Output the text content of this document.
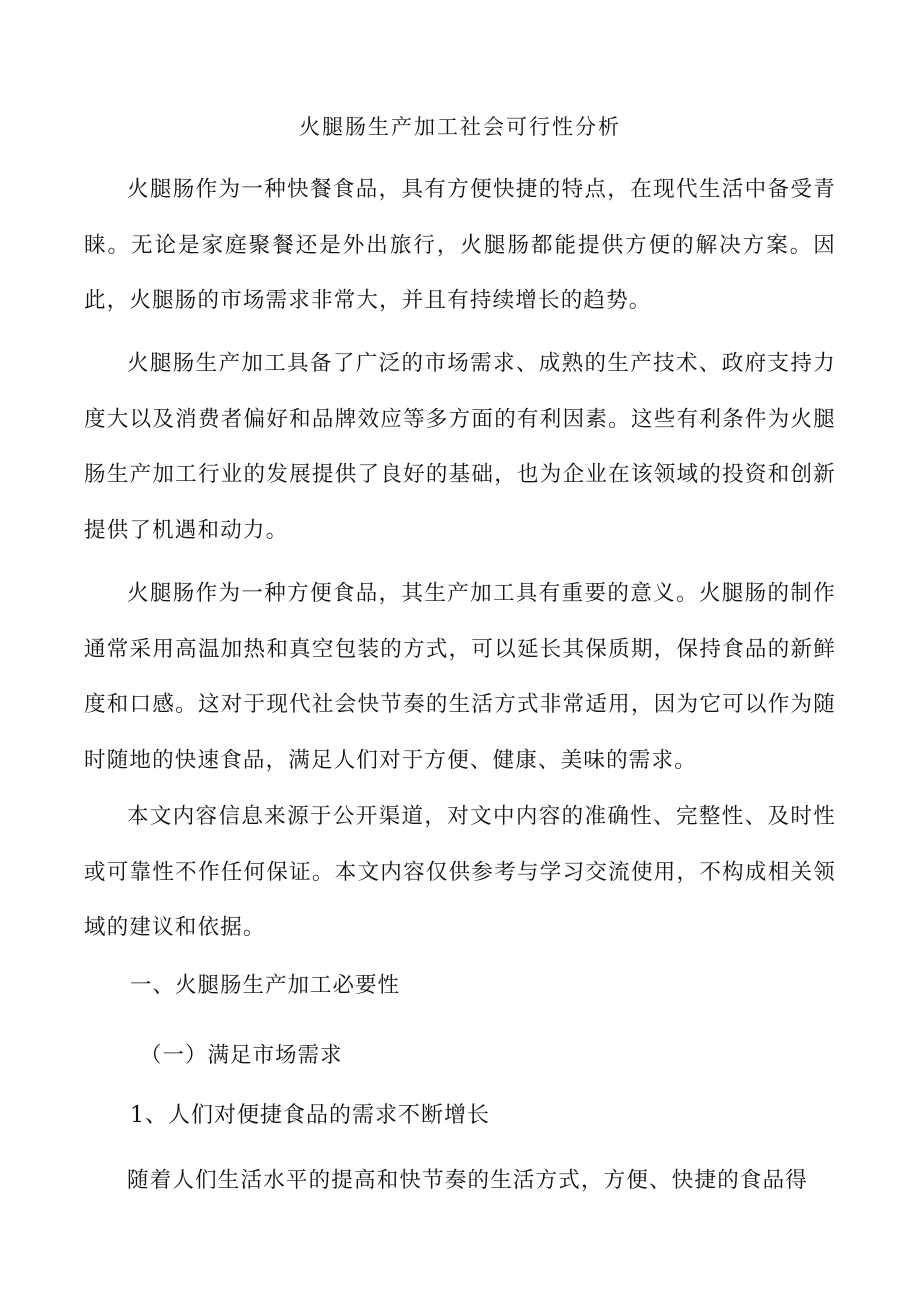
火腿肠生产加工社会可行性分析

火腿肠作为一种快餐食品，具有方便快捷的特点，在现代生活中备受青睐。无论是家庭聚餐还是外出旅行，火腿肠都能提供方便的解决方案。因此，火腿肠的市场需求非常大，并且有持续增长的趋势。

火腿肠生产加工具备了广泛的市场需求、成熟的生产技术、政府支持力度大以及消费者偏好和品牌效应等多方面的有利因素。这些有利条件为火腿肠生产加工行业的发展提供了良好的基础，也为企业在该领域的投资和创新提供了机遇和动力。

火腿肠作为一种方便食品，其生产加工具有重要的意义。火腿肠的制作通常采用高温加热和真空包装的方式，可以延长其保质期，保持食品的新鲜度和口感。这对于现代社会快节奏的生活方式非常适用，因为它可以作为随时随地的快速食品，满足人们对于方便、健康、美味的需求。

本文内容信息来源于公开渠道，对文中内容的准确性、完整性、及时性或可靠性不作任何保证。本文内容仅供参考与学习交流使用，不构成相关领域的建议和依据。

一、火腿肠生产加工必要性
（一）满足市场需求
1、人们对便捷食品的需求不断增长

随着人们生活水平的提高和快节奏的生活方式，方便、快捷的食品得
